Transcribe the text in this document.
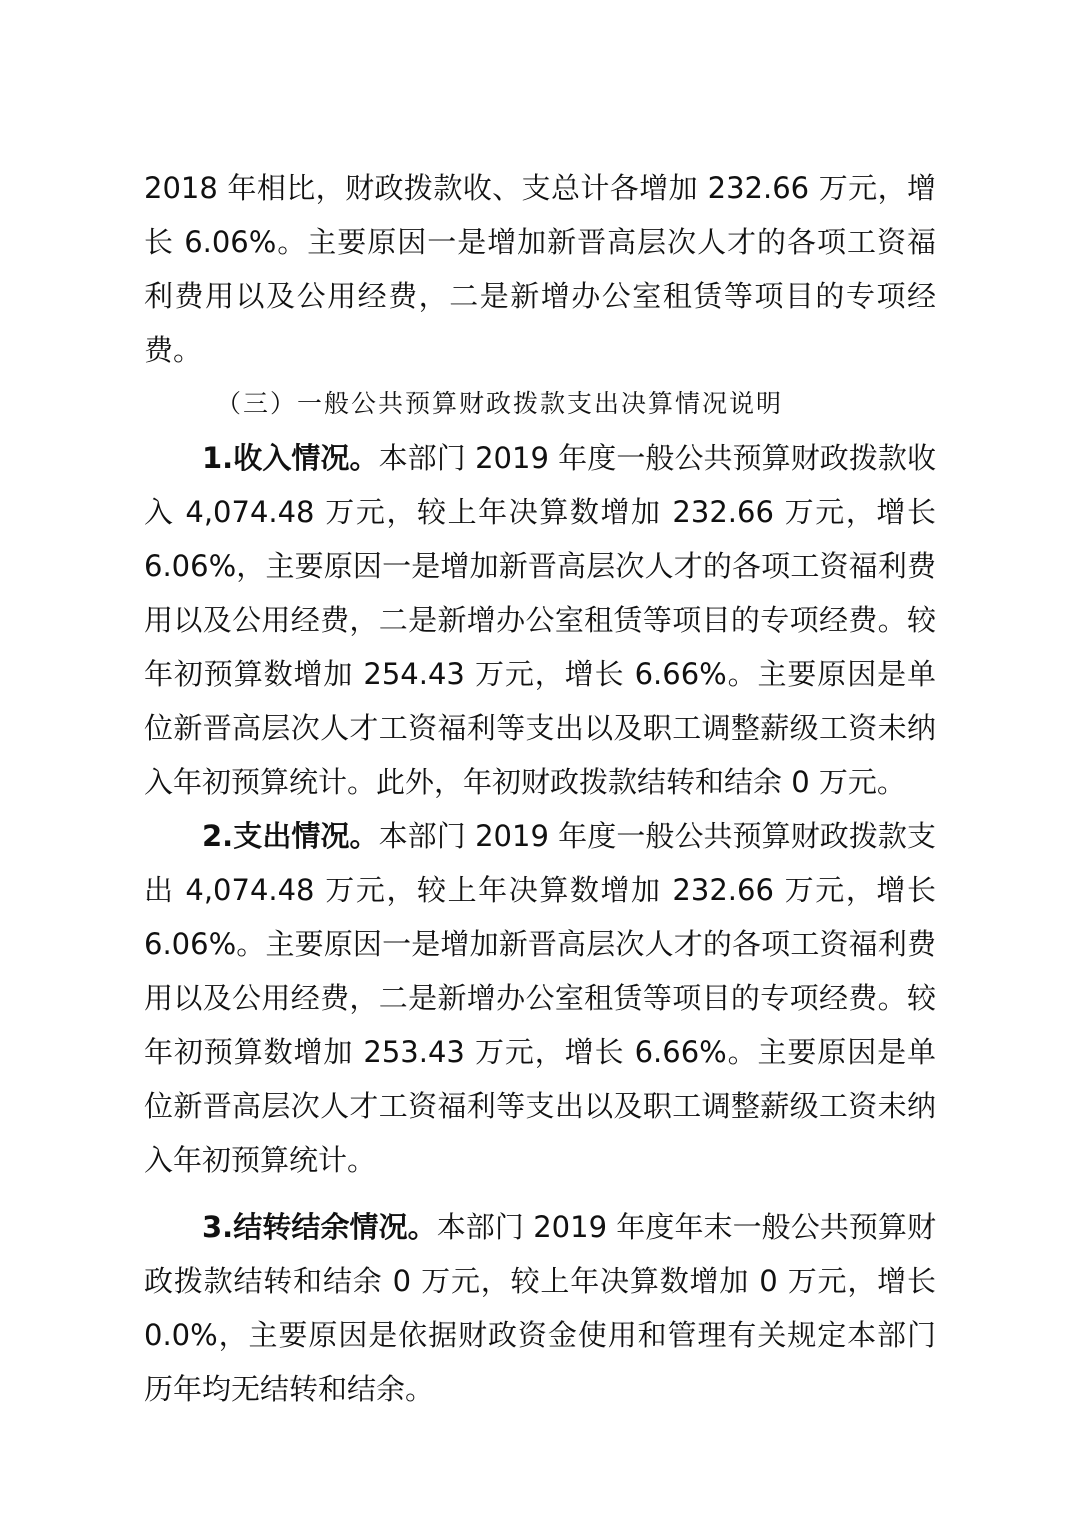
2018 年相比，财政拨款收、支总计各增加 232.66 万元，增长 6.06%。主要原因一是增加新晋高层次人才的各项工资福利费用以及公用经费，二是新增办公室租赁等项目的专项经费。

（三）一般公共预算财政拨款支出决算情况说明

1.收入情况。本部门 2019 年度一般公共预算财政拨款收入 4,074.48 万元，较上年决算数增加 232.66 万元，增长 6.06%，主要原因一是增加新晋高层次人才的各项工资福利费用以及公用经费，二是新增办公室租赁等项目的专项经费。较年初预算数增加 254.43 万元，增长 6.66%。主要原因是单位新晋高层次人才工资福利等支出以及职工调整薪级工资未纳入年初预算统计。此外，年初财政拨款结转和结余 0 万元。

2.支出情况。本部门 2019 年度一般公共预算财政拨款支出 4,074.48 万元，较上年决算数增加 232.66 万元，增长 6.06%。主要原因一是增加新晋高层次人才的各项工资福利费用以及公用经费，二是新增办公室租赁等项目的专项经费。较年初预算数增加 253.43 万元，增长 6.66%。主要原因是单位新晋高层次人才工资福利等支出以及职工调整薪级工资未纳入年初预算统计。

3.结转结余情况。本部门 2019 年度年末一般公共预算财政拨款结转和结余 0 万元，较上年决算数增加 0 万元，增长 0.0%，主要原因是依据财政资金使用和管理有关规定本部门历年均无结转和结余。
